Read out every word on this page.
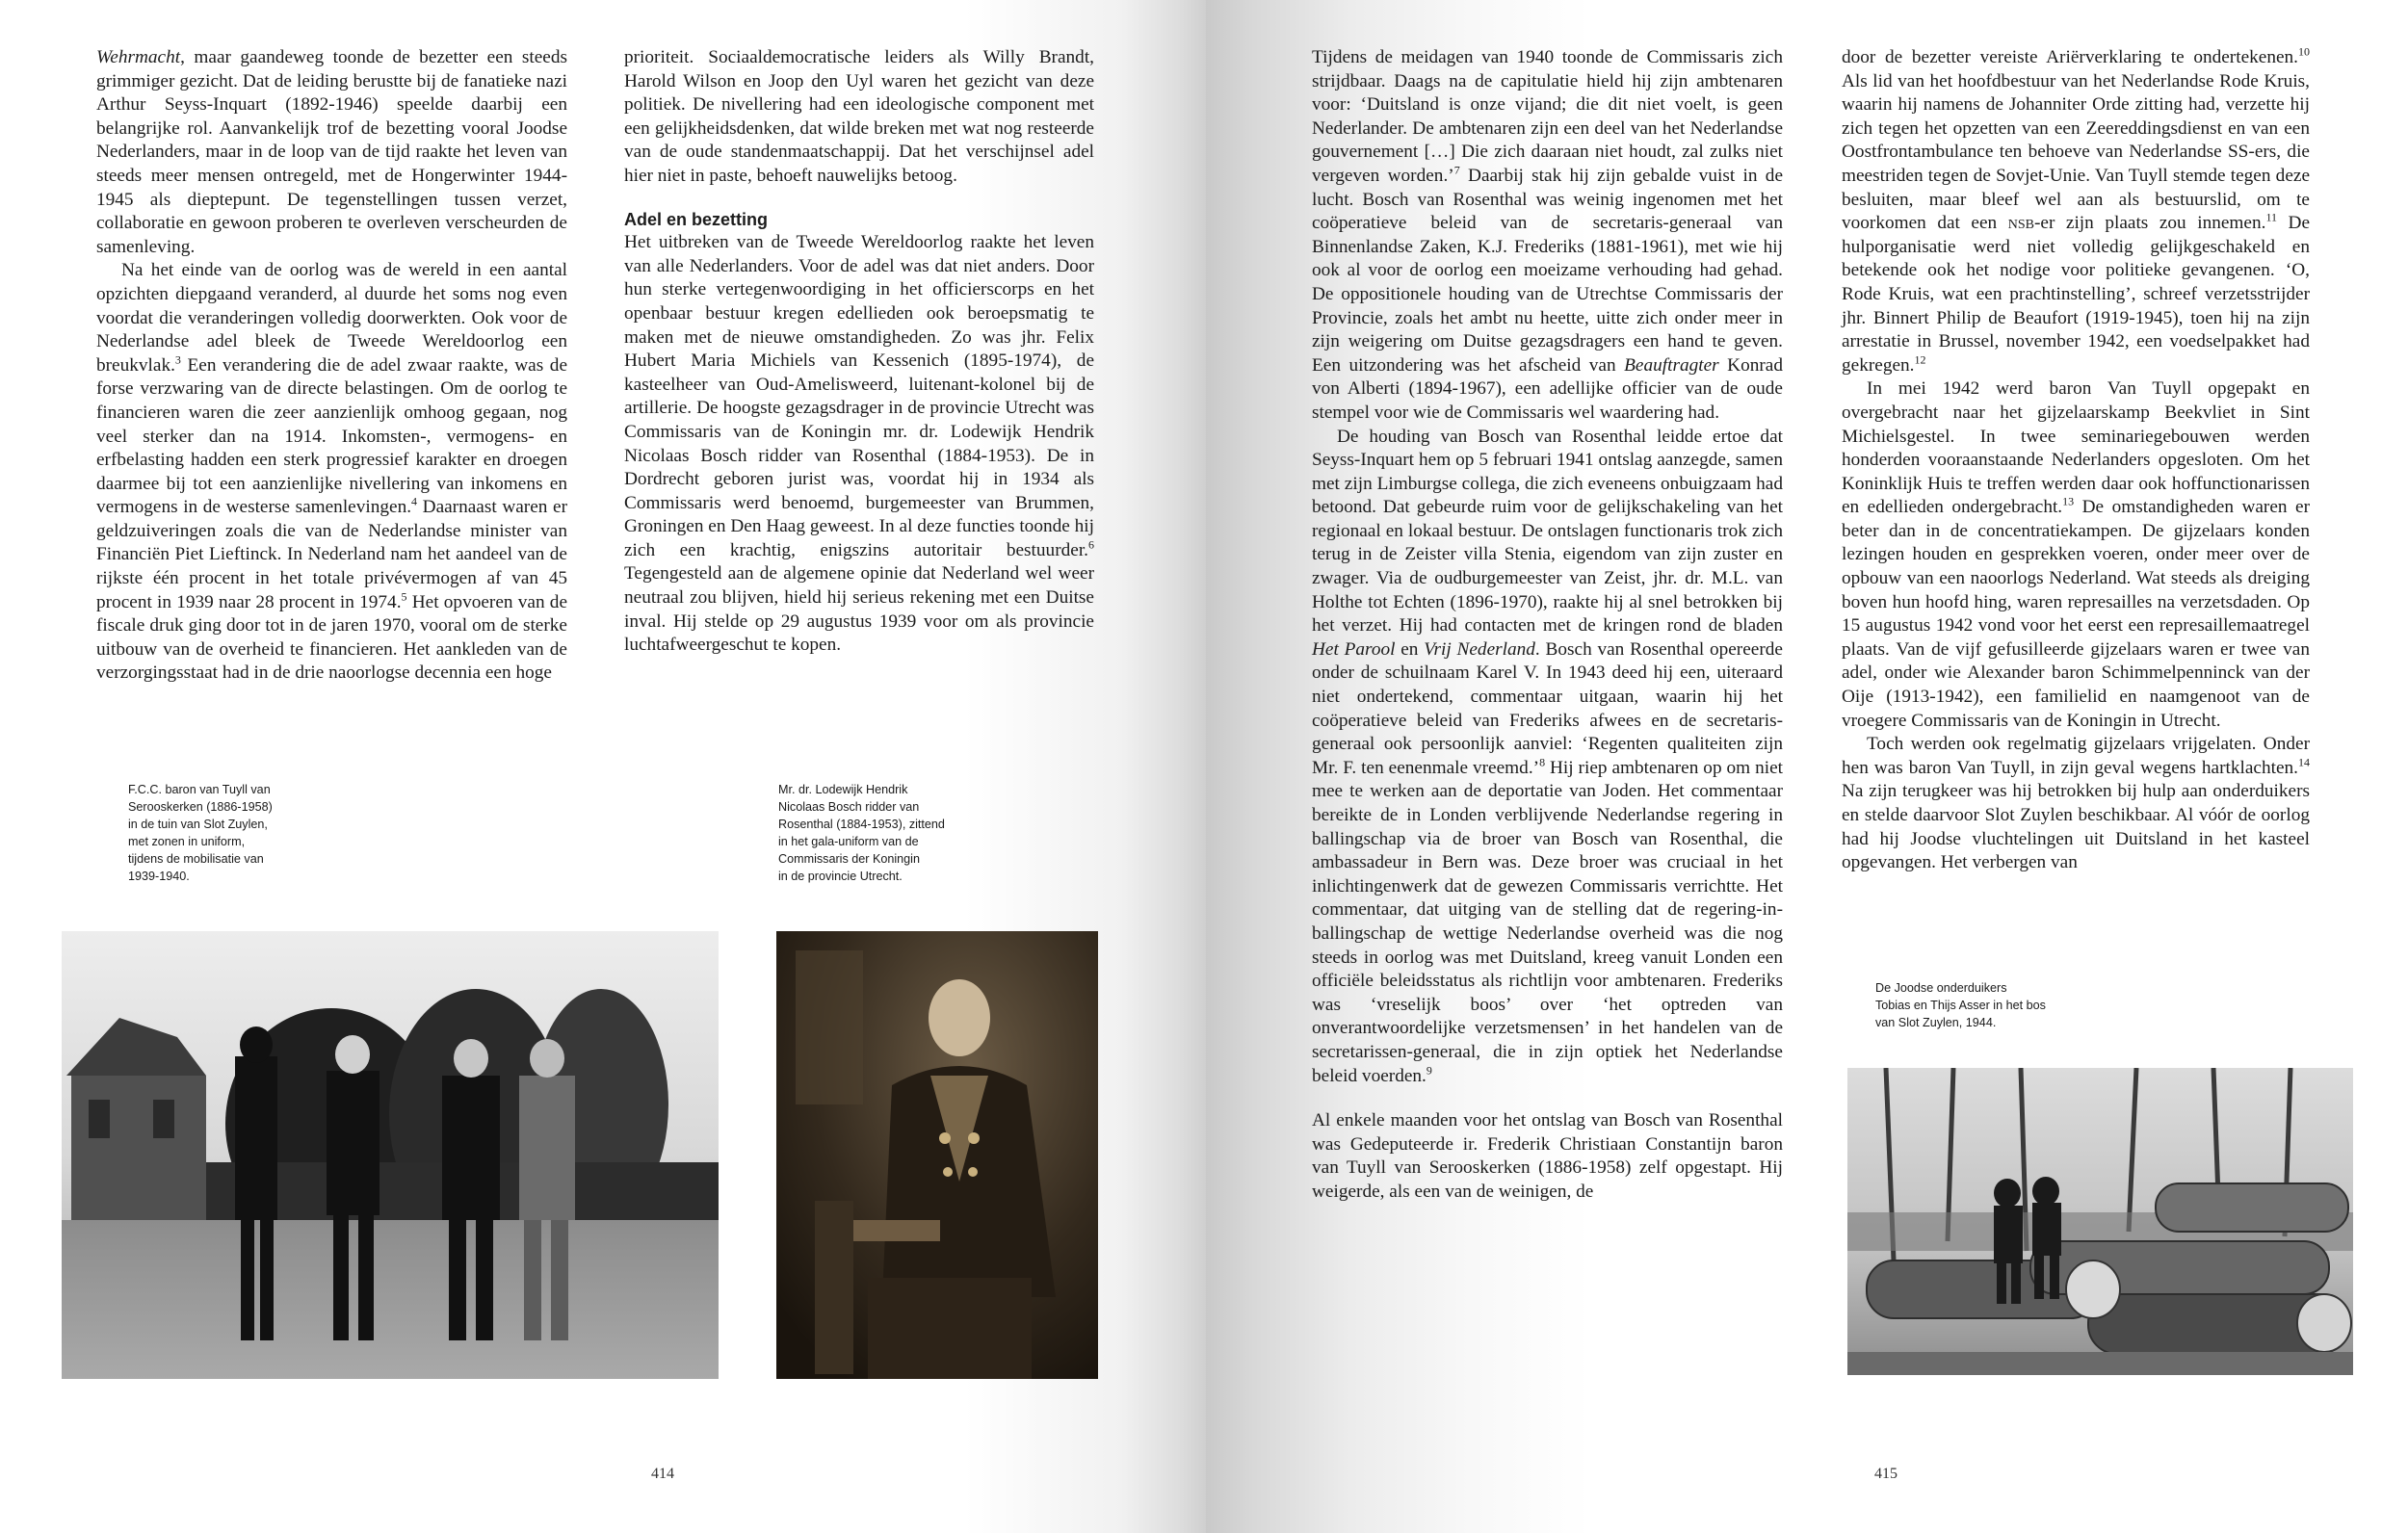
Wehrmacht, maar gaandeweg toonde de bezetter een steeds grimmiger gezicht. Dat de leiding berustte bij de fanatieke nazi Arthur Seyss-Inquart (1892-1946) speelde daarbij een belangrijke rol. Aanvankelijk trof de bezetting vooral Joodse Nederlanders, maar in de loop van de tijd raakte het leven van steeds meer mensen ontregeld, met de Hongerwinter 1944-1945 als dieptepunt. De tegenstellingen tussen verzet, collaboratie en gewoon proberen te overleven verscheurden de samenleving.

Na het einde van de oorlog was de wereld in een aantal opzichten diepgaand veranderd, al duurde het soms nog even voordat die veranderingen volledig doorwerkten. Ook voor de Nederlandse adel bleek de Tweede Wereldoorlog een breukvlak.$^3$ Een verandering die de adel zwaar raakte, was de forse verzwaring van de directe belastingen. Om de oorlog te financieren waren die zeer aanzienlijk omhoog gegaan, nog veel sterker dan na 1914. Inkomsten-, vermogens- en erfbelasting hadden een sterk progressief karakter en droegen daarmee bij tot een aanzienlijke nivellering van inkomens en vermogens in de westerse samenlevingen.$^4$ Daarnaast waren er geldzuiveringen zoals die van de Nederlandse minister van Financiën Piet Lieftinck. In Nederland nam het aandeel van de rijkste één procent in het totale privévermogen af van 45 procent in 1939 naar 28 procent in 1974.$^5$ Het opvoeren van de fiscale druk ging door tot in de jaren 1970, vooral om de sterke uitbouw van de overheid te financieren. Het aankleden van de verzorgingsstaat had in de drie naoorlogse decennia een hoge

prioriteit. Sociaaldemocratische leiders als Willy Brandt, Harold Wilson en Joop den Uyl waren het gezicht van deze politiek. De nivellering had een ideologische component met een gelijkheidsdenken, dat wilde breken met wat nog resteerde van de oude standenmaatschappij. Dat het verschijnsel adel hier niet in paste, behoeft nauwelijks betoog.

Adel en bezetting

Het uitbreken van de Tweede Wereldoorlog raakte het leven van alle Nederlanders. Voor de adel was dat niet anders. Door hun sterke vertegenwoordiging in het officierscorps en het openbaar bestuur kregen edellieden ook beroepsmatig te maken met de nieuwe omstandigheden. Zo was jhr. Felix Hubert Maria Michiels van Kessenich (1895-1974), de kasteelheer van Oud-Amelisweerd, luitenant-kolonel bij de artillerie. De hoogste gezagsdrager in de provincie Utrecht was Commissaris van de Koningin mr. dr. Lodewijk Hendrik Nicolaas Bosch ridder van Rosenthal (1884-1953). De in Dordrecht geboren jurist was, voordat hij in 1934 als Commissaris werd benoemd, burgemeester van Brummen, Groningen en Den Haag geweest. In al deze functies toonde hij zich een krachtig, enigszins autoritair bestuurder.$^6$ Tegengesteld aan de algemene opinie dat Nederland wel weer neutraal zou blijven, hield hij serieus rekening met een Duitse inval. Hij stelde op 29 augustus 1939 voor om als provincie luchtafweergeschut te kopen.

F.C.C. baron van Tuyll van
Serooskerken (1886-1958)
in de tuin van Slot Zuylen,
met zonen in uniform,
tijdens de mobilisatie van
1939-1940.
Mr. dr. Lodewijk Hendrik
Nicolaas Bosch ridder van
Rosenthal (1884-1953), zittend
in het gala-uniform van de
Commissaris der Koningin
in de provincie Utrecht.
414

Tijdens de meidagen van 1940 toonde de Commissaris zich strijdbaar. Daags na de capitulatie hield hij zijn ambtenaren voor: ‘Duitsland is onze vijand; die dit niet voelt, is geen Nederlander. De ambtenaren zijn een deel van het Nederlandse gouvernement […] Die zich daaraan niet houdt, zal zulks niet vergeven worden.’$^7$ Daarbij stak hij zijn gebalde vuist in de lucht. Bosch van Rosenthal was weinig ingenomen met het coöperatieve beleid van de secretaris-generaal van Binnenlandse Zaken, K.J. Frederiks (1881-1961), met wie hij ook al voor de oorlog een moeizame verhouding had gehad. De oppositionele houding van de Utrechtse Commissaris der Provincie, zoals het ambt nu heette, uitte zich onder meer in zijn weigering om Duitse gezagsdragers een hand te geven. Een uitzondering was het afscheid van Beauftragter Konrad von Alberti (1894-1967), een adellijke officier van de oude stempel voor wie de Commissaris wel waardering had.

De houding van Bosch van Rosenthal leidde ertoe dat Seyss-Inquart hem op 5 februari 1941 ontslag aanzegde, samen met zijn Limburgse collega, die zich eveneens onbuigzaam had betoond. Dat gebeurde ruim voor de gelijkschakeling van het regionaal en lokaal bestuur. De ontslagen functionaris trok zich terug in de Zeister villa Stenia, eigendom van zijn zuster en zwager. Via de oudburgemeester van Zeist, jhr. dr. M.L. van Holthe tot Echten (1896-1970), raakte hij al snel betrokken bij het verzet. Hij had contacten met de kringen rond de bladen Het Parool en Vrij Nederland. Bosch van Rosenthal opereerde onder de schuilnaam Karel V. In 1943 deed hij een, uiteraard niet ondertekend, commentaar uitgaan, waarin hij het coöperatieve beleid van Frederiks afwees en de secretaris-generaal ook persoonlijk aanviel: ‘Regenten qualiteiten zijn Mr. F. ten eenenmale vreemd.’$^8$ Hij riep ambtenaren op om niet mee te werken aan de deportatie van Joden. Het commentaar bereikte de in Londen verblijvende Nederlandse regering in ballingschap via de broer van Bosch van Rosenthal, die ambassadeur in Bern was. Deze broer was cruciaal in het inlichtingenwerk dat de gewezen Commissaris verrichtte. Het commentaar, dat uitging van de stelling dat de regering-in-ballingschap de wettige Nederlandse overheid was die nog steeds in oorlog was met Duitsland, kreeg vanuit Londen een officiële beleidsstatus als richtlijn voor ambtenaren. Frederiks was ‘vreselijk boos’ over ‘het optreden van onverantwoordelijke verzetsmensen’ in het handelen van de secretarissen-generaal, die in zijn optiek het Nederlandse beleid voerden.$^9$

Al enkele maanden voor het ontslag van Bosch van Rosenthal was Gedeputeerde ir. Frederik Christiaan Constantijn baron van Tuyll van Serooskerken (1886-1958) zelf opgestapt. Hij weigerde, als een van de weinigen, de

door de bezetter vereiste Ariërverklaring te ondertekenen.$^{10}$ Als lid van het hoofdbestuur van het Nederlandse Rode Kruis, waarin hij namens de Johanniter Orde zitting had, verzette hij zich tegen het opzetten van een Zeereddingsdienst en van een Oostfrontambulance ten behoeve van Nederlandse SS-ers, die meestriden tegen de Sovjet-Unie. Van Tuyll stemde tegen deze besluiten, maar bleef wel aan als bestuurslid, om te voorkomen dat een nsb-er zijn plaats zou innemen.$^{11}$ De hulporganisatie werd niet volledig gelijkgeschakeld en betekende ook het nodige voor politieke gevangenen. ‘O, Rode Kruis, wat een prachtinstelling’, schreef verzetsstrijder jhr. Binnert Philip de Beaufort (1919-1945), toen hij na zijn arrestatie in Brussel, november 1942, een voedselpakket had gekregen.$^{12}$

In mei 1942 werd baron Van Tuyll opgepakt en overgebracht naar het gijzelaarskamp Beekvliet in Sint Michielsgestel. In twee seminariegebouwen werden honderden vooraanstaande Nederlanders opgesloten. Om het Koninklijk Huis te treffen werden daar ook hoffunctionarissen en edellieden ondergebracht.$^{13}$ De omstandigheden waren er beter dan in de concentratiekampen. De gijzelaars konden lezingen houden en gesprekken voeren, onder meer over de opbouw van een naoorlogs Nederland. Wat steeds als dreiging boven hun hoofd hing, waren represailles na verzetsdaden. Op 15 augustus 1942 vond voor het eerst een represaillemaatregel plaats. Van de vijf gefusilleerde gijzelaars waren er twee van adel, onder wie Alexander baron Schimmelpenninck van der Oije (1913-1942), een familielid en naamgenoot van de vroegere Commissaris van de Koningin in Utrecht.

Toch werden ook regelmatig gijzelaars vrijgelaten. Onder hen was baron Van Tuyll, in zijn geval wegens hartklachten.$^{14}$ Na zijn terugkeer was hij betrokken bij hulp aan onderduikers en stelde daarvoor Slot Zuylen beschikbaar. Al vóór de oorlog had hij Joodse vluchtelingen uit Duitsland in het kasteel opgevangen. Het verbergen van

De Joodse onderduikers
Tobias en Thijs Asser in het bos
van Slot Zuylen, 1944.
415
